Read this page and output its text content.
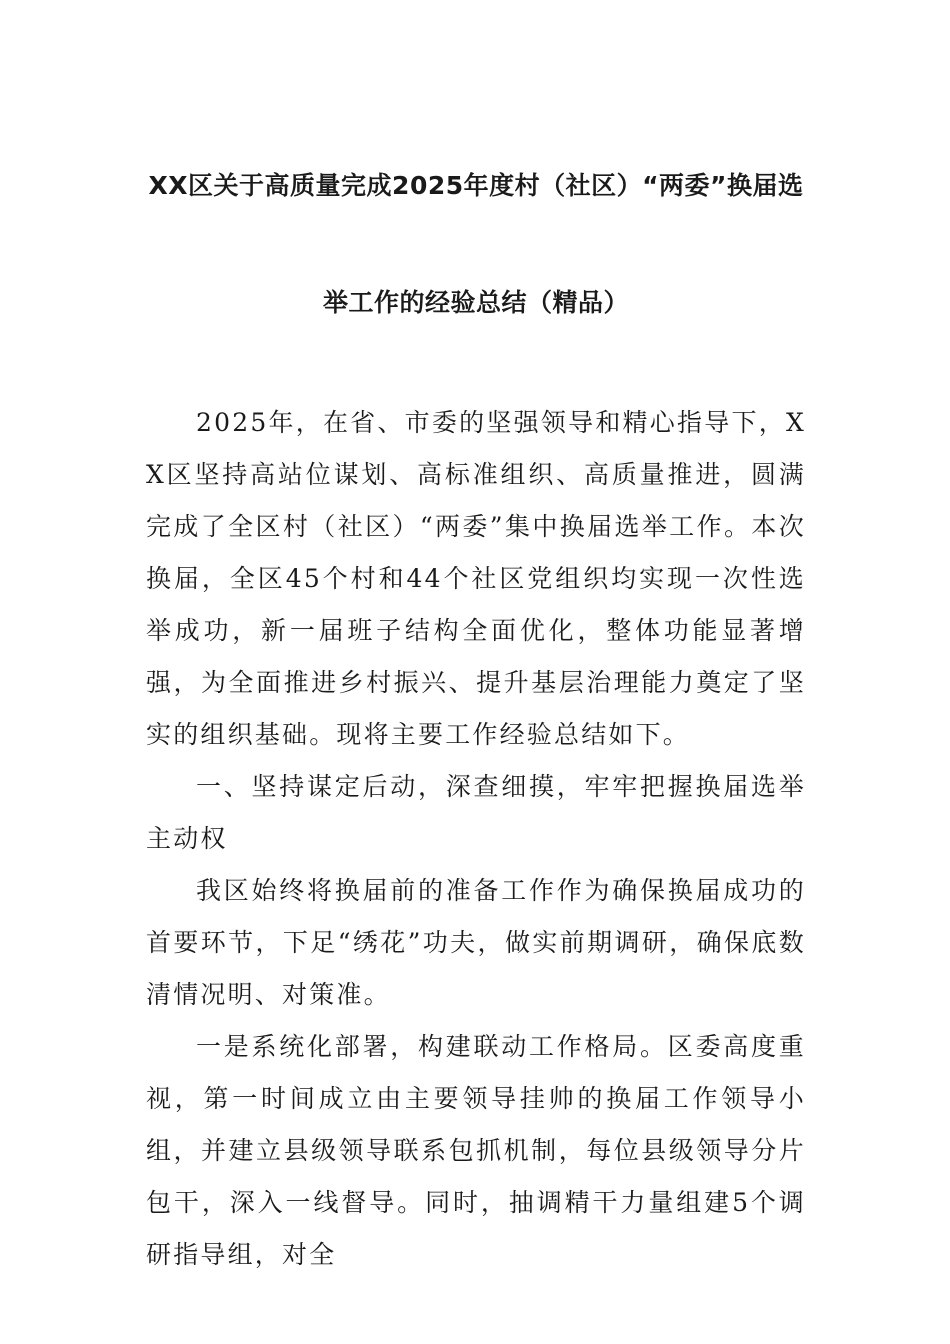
XX区关于高质量完成2025年度村（社区）“两委”换届选
举工作的经验总结（精品）

2025年，在省、市委的坚强领导和精心指导下，XX区坚持高站位谋划、高标准组织、高质量推进，圆满完成了全区村（社区）“两委”集中换届选举工作。本次换届，全区45个村和44个社区党组织均实现一次性选举成功，新一届班子结构全面优化，整体功能显著增强，为全面推进乡村振兴、提升基层治理能力奠定了坚实的组织基础。现将主要工作经验总结如下。

一、坚持谋定后动，深查细摸，牢牢把握换届选举主动权

我区始终将换届前的准备工作作为确保换届成功的首要环节，下足“绣花”功夫，做实前期调研，确保底数清情况明、对策准。

一是系统化部署，构建联动工作格局。区委高度重视，第一时间成立由主要领导挂帅的换届工作领导小组，并建立县级领导联系包抓机制，每位县级领导分片包干，深入一线督导。同时，抽调精干力量组建5个调研指导组，对全
